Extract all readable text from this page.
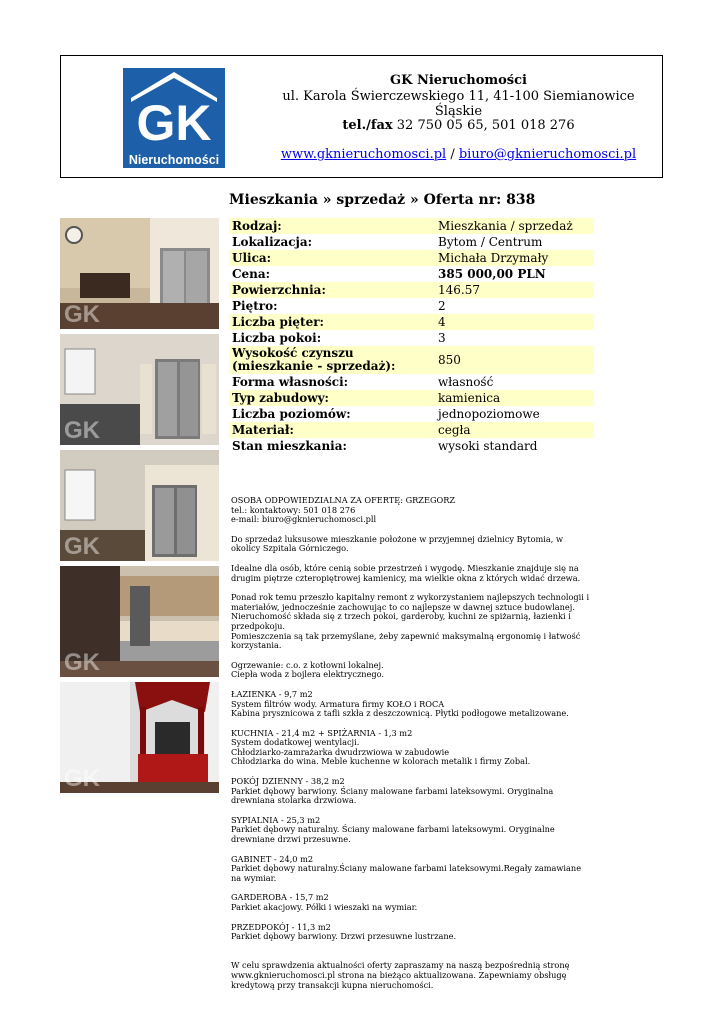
GK
Nieruchomości
GK Nieruchomości
ul. Karola Świerczewskiego 11, 41-100 Siemianowice Śląskie
tel./fax 32 750 05 65, 501 018 276
www.gknieruchomosci.pl / biuro@gknieruchomosci.pl
Mieszkania » sprzedaż » Oferta nr: 838
GK
GK
GK
GK
GK
Rodzaj:	Mieszkania / sprzedaż
Lokalizacja:	Bytom / Centrum
Ulica:	Michała Drzymały
Cena:	385 000,00 PLN
Powierzchnia:	146.57
Piętro:	2
Liczba pięter:	4
Liczba pokoi:	3
Wysokość czynszu (mieszkanie - sprzedaż):	850
Forma własności:	własność
Typ zabudowy:	kamienica
Liczba poziomów:	jednopoziomowe
Materiał:	cegła
Stan mieszkania:	wysoki standard

OSOBA ODPOWIEDZIALNA ZA OFERTĘ: GRZEGORZ
tel.: kontaktowy: 501 018 276
e-mail: biuro@gknieruchomosci.pll

Do sprzedaż luksusowe mieszkanie położone w przyjemnej dzielnicy Bytomia, w okolicy Szpitala Górniczego.

Idealne dla osób, które cenią sobie przestrzeń i wygodę. Mieszkanie znajduje się na drugim piętrze czteropiętrowej kamienicy, ma wielkie okna z których widać drzewa.

Ponad rok temu przeszło kapitalny remont z wykorzystaniem najlepszych technologii i materiałów, jednocześnie zachowując to co najlepsze w dawnej sztuce budowlanej.
Nieruchomość składa się z trzech pokoi, garderoby, kuchni ze spiżarnią, łazienki i przedpokoju.
Pomieszczenia są tak przemyślane, żeby zapewnić maksymalną ergonomię i łatwość korzystania.

Ogrzewanie: c.o. z kotłowni lokalnej.
Ciepła woda z bojlera elektrycznego.

ŁAZIENKA - 9,7 m2
System filtrów wody. Armatura firmy KOŁO i ROCA
Kabina prysznicowa z tafli szkła z deszczownicą. Płytki podłogowe metalizowane.

KUCHNIA - 21,4 m2 + SPIŻARNIA - 1,3 m2
System dodatkowej wentylacji.
Chłodziarko-zamrażarka dwudrzwiowa w zabudowie
Chłodziarka do wina. Meble kuchenne w kolorach metalik i firmy Zobal.

POKÓJ DZIENNY - 38,2 m2
Parkiet dębowy barwiony. Ściany malowane farbami lateksowymi. Oryginalna drewniana stolarka drzwiowa.

SYPIALNIA - 25,3 m2
Parkiet dębowy naturalny. Ściany malowane farbami lateksowymi. Oryginalne drewniane drzwi przesuwne.

GABINET - 24,0 m2
Parkiet dębowy naturalny.Ściany malowane farbami lateksowymi.Regały zamawiane na wymiar.

GARDEROBA - 15,7 m2
Parkiet akacjowy. Półki i wieszaki na wymiar.

PRZEDPOKÓJ - 11,3 m2
Parkiet dębowy barwiony. Drzwi przesuwne lustrzane.

W celu sprawdzenia aktualności oferty zapraszamy na naszą bezpośrednią stronę www.gknieruchomosci.pl strona na bieżąco aktualizowana. Zapewniamy obsługę kredytową przy transakcji kupna nieruchomości.
